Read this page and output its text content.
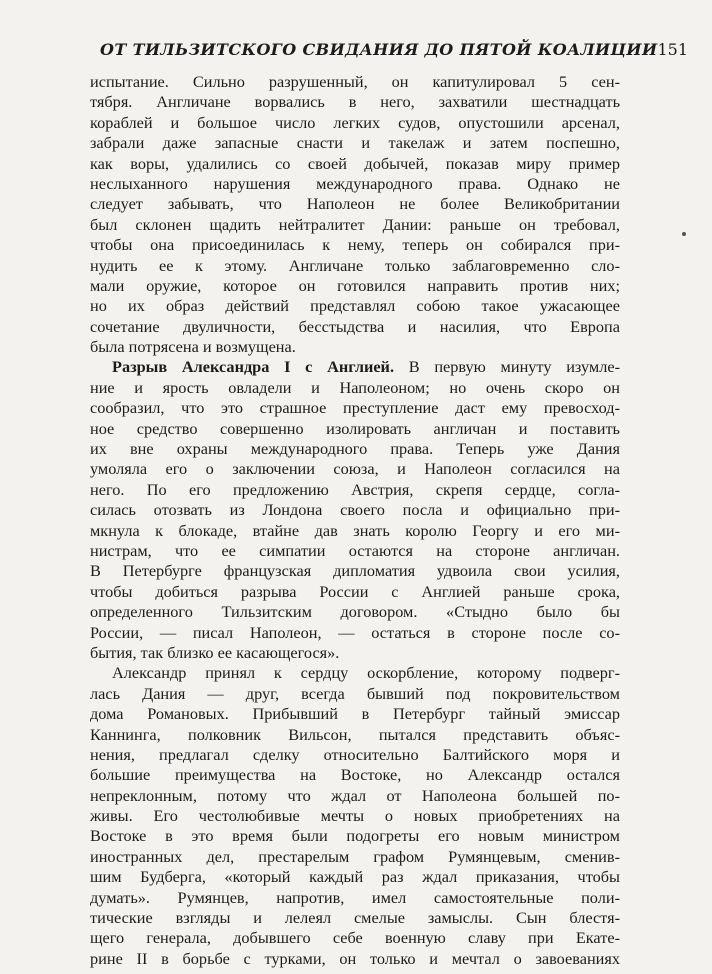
ОТ ТИЛЬЗИТСКОГО СВИДАНИЯ ДО ПЯТОЙ КОАЛИЦИИ 151
испытание. Сильно разрушенный, он капитулировал 5 сен-
тября. Англичане ворвались в него, захватили шестнадцать
кораблей и большое число легких судов, опустошили арсенал,
забрали даже запасные снасти и такелаж и затем поспешно,
как воры, удалились со своей добычей, показав миру пример
неслыханного нарушения международного права. Однако не
следует забывать, что Наполеон не более Великобритании
был склонен щадить нейтралитет Дании: раньше он требовал,
чтобы она присоединилась к нему, теперь он собирался при-
нудить ее к этому. Англичане только заблаговременно сло-
мали оружие, которое он готовился направить против них;
но их образ действий представлял собою такое ужасающее
сочетание двуличности, бесстыдства и насилия, что Европа
была потрясена и возмущена.
Разрыв Александра I с Англией. В первую минуту изумле-
ние и ярость овладели и Наполеоном; но очень скоро он
сообразил, что это страшное преступление даст ему превосход-
ное средство совершенно изолировать англичан и поставить
их вне охраны международного права. Теперь уже Дания
умоляла его о заключении союза, и Наполеон согласился на
него. По его предложению Австрия, скрепя сердце, согла-
силась отозвать из Лондона своего посла и официально при-
мкнула к блокаде, втайне дав знать королю Георгу и его ми-
нистрам, что ее симпатии остаются на стороне англичан.
В Петербурге французская дипломатия удвоила свои усилия,
чтобы добиться разрыва России с Англией раньше срока,
определенного Тильзитским договором. «Стыдно было бы
России, — писал Наполеон, — остаться в стороне после со-
бытия, так близко ее касающегося».
Александр принял к сердцу оскорбление, которому подверг-
лась Дания — друг, всегда бывший под покровительством
дома Романовых. Прибывший в Петербург тайный эмиссар
Каннинга, полковник Вильсон, пытался представить объяс-
нения, предлагал сделку относительно Балтийского моря и
большие преимущества на Востоке, но Александр остался
непреклонным, потому что ждал от Наполеона большей по-
живы. Его честолюбивые мечты о новых приобретениях на
Востоке в это время были подогреты его новым министром
иностранных дел, престарелым графом Румянцевым, сменив-
шим Будберга, «который каждый раз ждал приказания, чтобы
думать». Румянцев, напротив, имел самостоятельные поли-
тические взгляды и лелеял смелые замыслы. Сын блестя-
щего генерала, добывшего себе военную славу при Екате-
рине II в борьбе с турками, он только и мечтал о завоеваниях
